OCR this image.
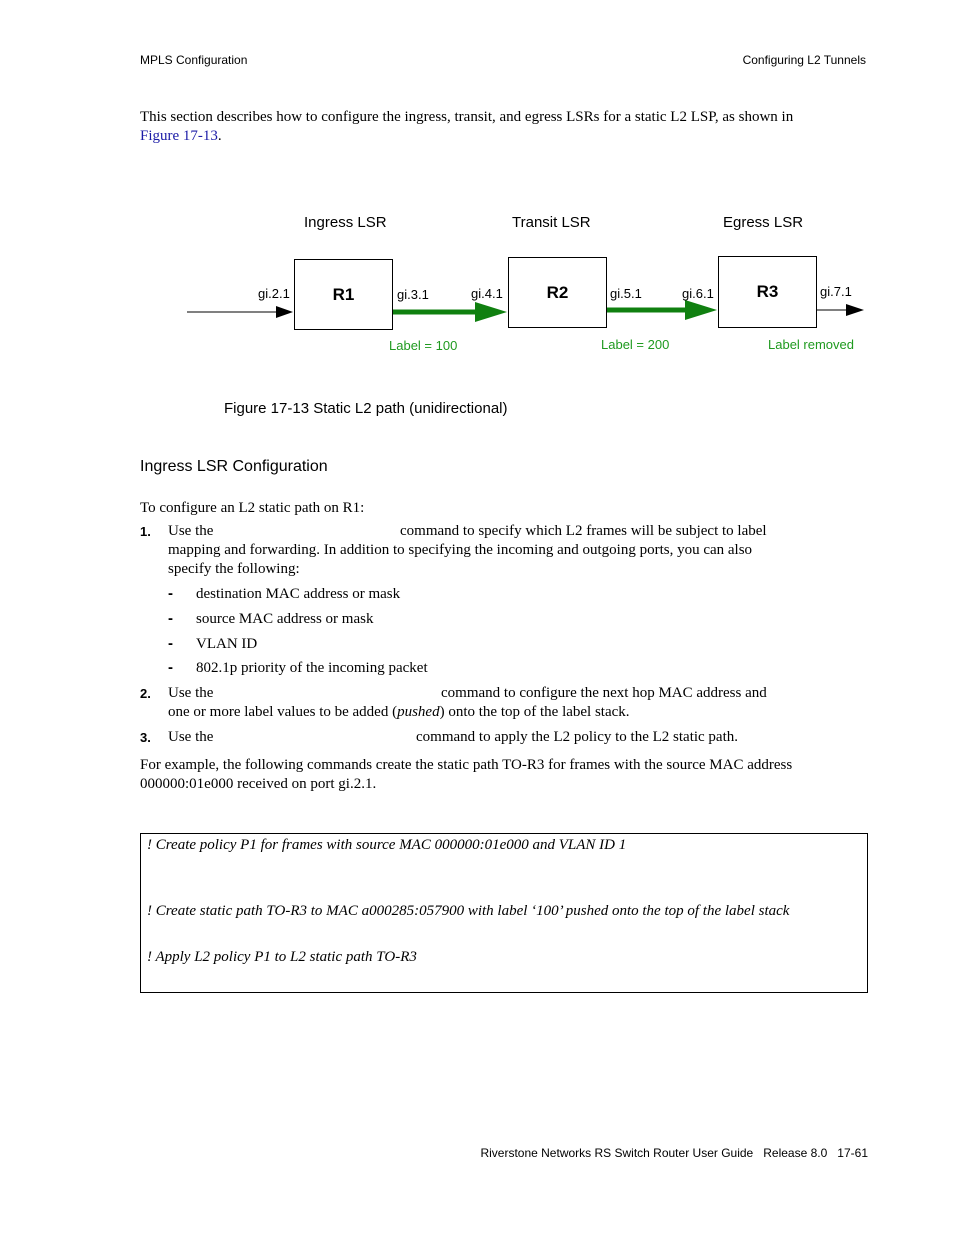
MPLS Configuration	Configuring L2 Tunnels
This section describes how to configure the ingress, transit, and egress LSRs for a static L2 LSP, as shown in
Figure 17-13.
Ingress LSR	Transit LSR	Egress LSR
R1	R2	R3
gi.2.1	gi.3.1	gi.4.1	gi.5.1	gi.6.1	gi.7.1
Label = 100	Label = 200	Label removed
Figure 17-13 Static L2 path (unidirectional)
Ingress LSR Configuration
To configure an L2 static path on R1:
1. Use the	command to specify which L2 frames will be subject to label
mapping and forwarding. In addition to specifying the incoming and outgoing ports, you can also
specify the following:
- destination MAC address or mask
- source MAC address or mask
- VLAN ID
- 802.1p priority of the incoming packet
2. Use the	command to configure the next hop MAC address and
one or more label values to be added (pushed) onto the top of the label stack.
3. Use the	command to apply the L2 policy to the L2 static path.
For example, the following commands create the static path TO-R3 for frames with the source MAC address
000000:01e000 received on port gi.2.1.
! Create policy P1 for frames with source MAC 000000:01e000 and VLAN ID 1
! Create static path TO-R3 to MAC a000285:057900 with label ‘100’ pushed onto the top of the label stack
! Apply L2 policy P1 to L2 static path TO-R3
Riverstone Networks RS Switch Router User Guide Release 8.0 17-61
